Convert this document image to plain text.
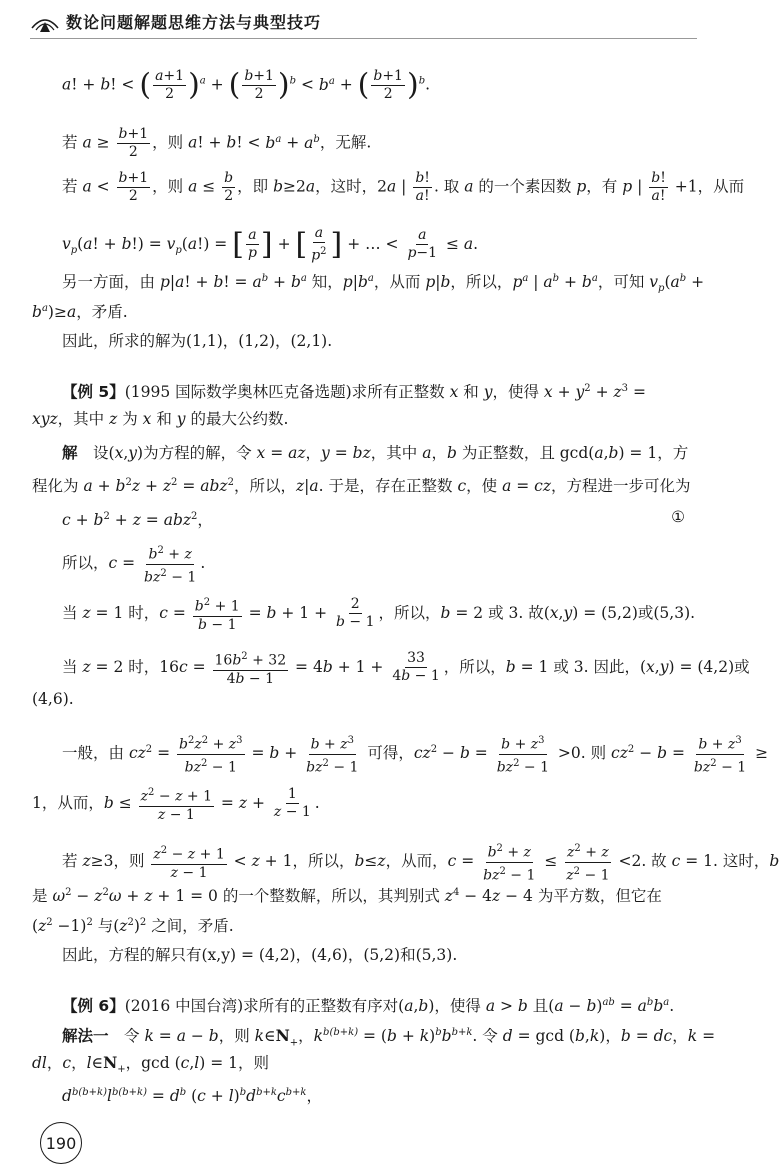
数论问题解题思维方法与典型技巧
a! + b! < ( $\frac{a+1}{2} )^a$ + ( $\frac{b+1}{2} )^b < b^a$ + ( $\frac{b+1}{2} )^b$.
若 $a \ge \frac{b+1}{2}$ ，则 a! + b! < $b^a + a^b$，无解.
若 $a < \frac{b+1}{2}$ ，则 $a \le \frac{b}{2}$ ，即 b≥2a，这时，2a | $\frac{b!}{a!}$ . 取 a 的一个素因数 p，有 p | $\frac{b!}{a!} +1$，从而
$v_p(a$! + $b!) = v_p(a!)$ = [ $\frac{a}{p}$ ] + [ $\frac{a}{p^2}$ ] + … < $\frac{a}{p-1} \le a$.
另一方面，由 p|a! + b! = $a^b + b^a$ 知，$p|b^a$，从而 p|b，所以，$p^a$ | $a^b + b^a$，可知 $v_p(a^b$ +
$b^a)\ge a$，矛盾.
因此，所求的解为(1,1)，(1,2)，(2,1).
【例 5】(1995 国际数学奥林匹克备选题)求所有正整数 x 和 y，使得 $x + y^2 + z^3$ =
xyz，其中 z 为 x 和 y 的最大公约数.
解　设(x,y)为方程的解，令 x = az，y = bz，其中 a，b 为正整数，且 gcd(a,b) = 1，方
程化为 $a + b^2z + z^2 = abz^2$，所以，z|a. 于是，存在正整数 c，使 a = cz，方程进一步可化为
$c + b^2 + z = abz^2$，	①
所以，$c = \frac{b^2 + z}{bz^2 - 1}$ .
当 z = 1 时，$c = \frac{b^2 + 1}{b - 1} = b + 1 + \frac{2}{b - 1}$ ，所以，b = 2 或 3. 故(x,y) = (5,2)或(5,3).
当 z = 2 时，$16c = \frac{16b^2 + 32}{4b - 1} = 4b + 1 + \frac{33}{4b - 1}$ ，所以，b = 1 或 3. 因此，(x,y) = (4,2)或
(4,6).
一般，由 $cz^2 = \frac{b^2z^2 + z^3}{bz^2 - 1} = b + \frac{b + z^3}{bz^2 - 1}$ 可得，$cz^2 - b = \frac{b + z^3}{bz^2 - 1} >0$. 则 $cz^2 - b = \frac{b + z^3}{bz^2 - 1}$ ≥
1，从而，$b \le \frac{z^2 - z + 1}{z - 1} = z + \frac{1}{z - 1}$ .
若 z≥3，则 $\frac{z^2 - z + 1}{z - 1} < z + 1$，所以，b≤z，从而，$c = \frac{b^2 + z}{bz^2 - 1} \le \frac{z^2 + z}{z^2 - 1} <2$. 故 c = 1. 这时，b
是 $\omega^2 - z^2\omega + z + 1 = 0$ 的一个整数解，所以，其判别式 $z^4 - 4z - 4$ 为平方数，但它在
$(z^2 -1)^2$ 与$(z^2)^2$ 之间，矛盾.
因此，方程的解只有(x,y) = (4,2)，(4,6)，(5,2)和(5,3).
【例 6】(2016 中国台湾)求所有的正整数有序对(a,b)，使得 a > b 且$(a - b)^{ab} = a^bb^a$.
解法一　令 k = a − b，则 $k\in N_+$，$k^{b(b+k)} = (b + k)^bb^{b+k}$. 令 d = gcd (b,k)，b = dc，k =
dl，c，$l\in N_+$，gcd (c,l) = 1，则
$d^{b(b+k)}l^{b(b+k)} = d^b$ $(c + l)^bd^{b+k}c^{b+k}$，
190
